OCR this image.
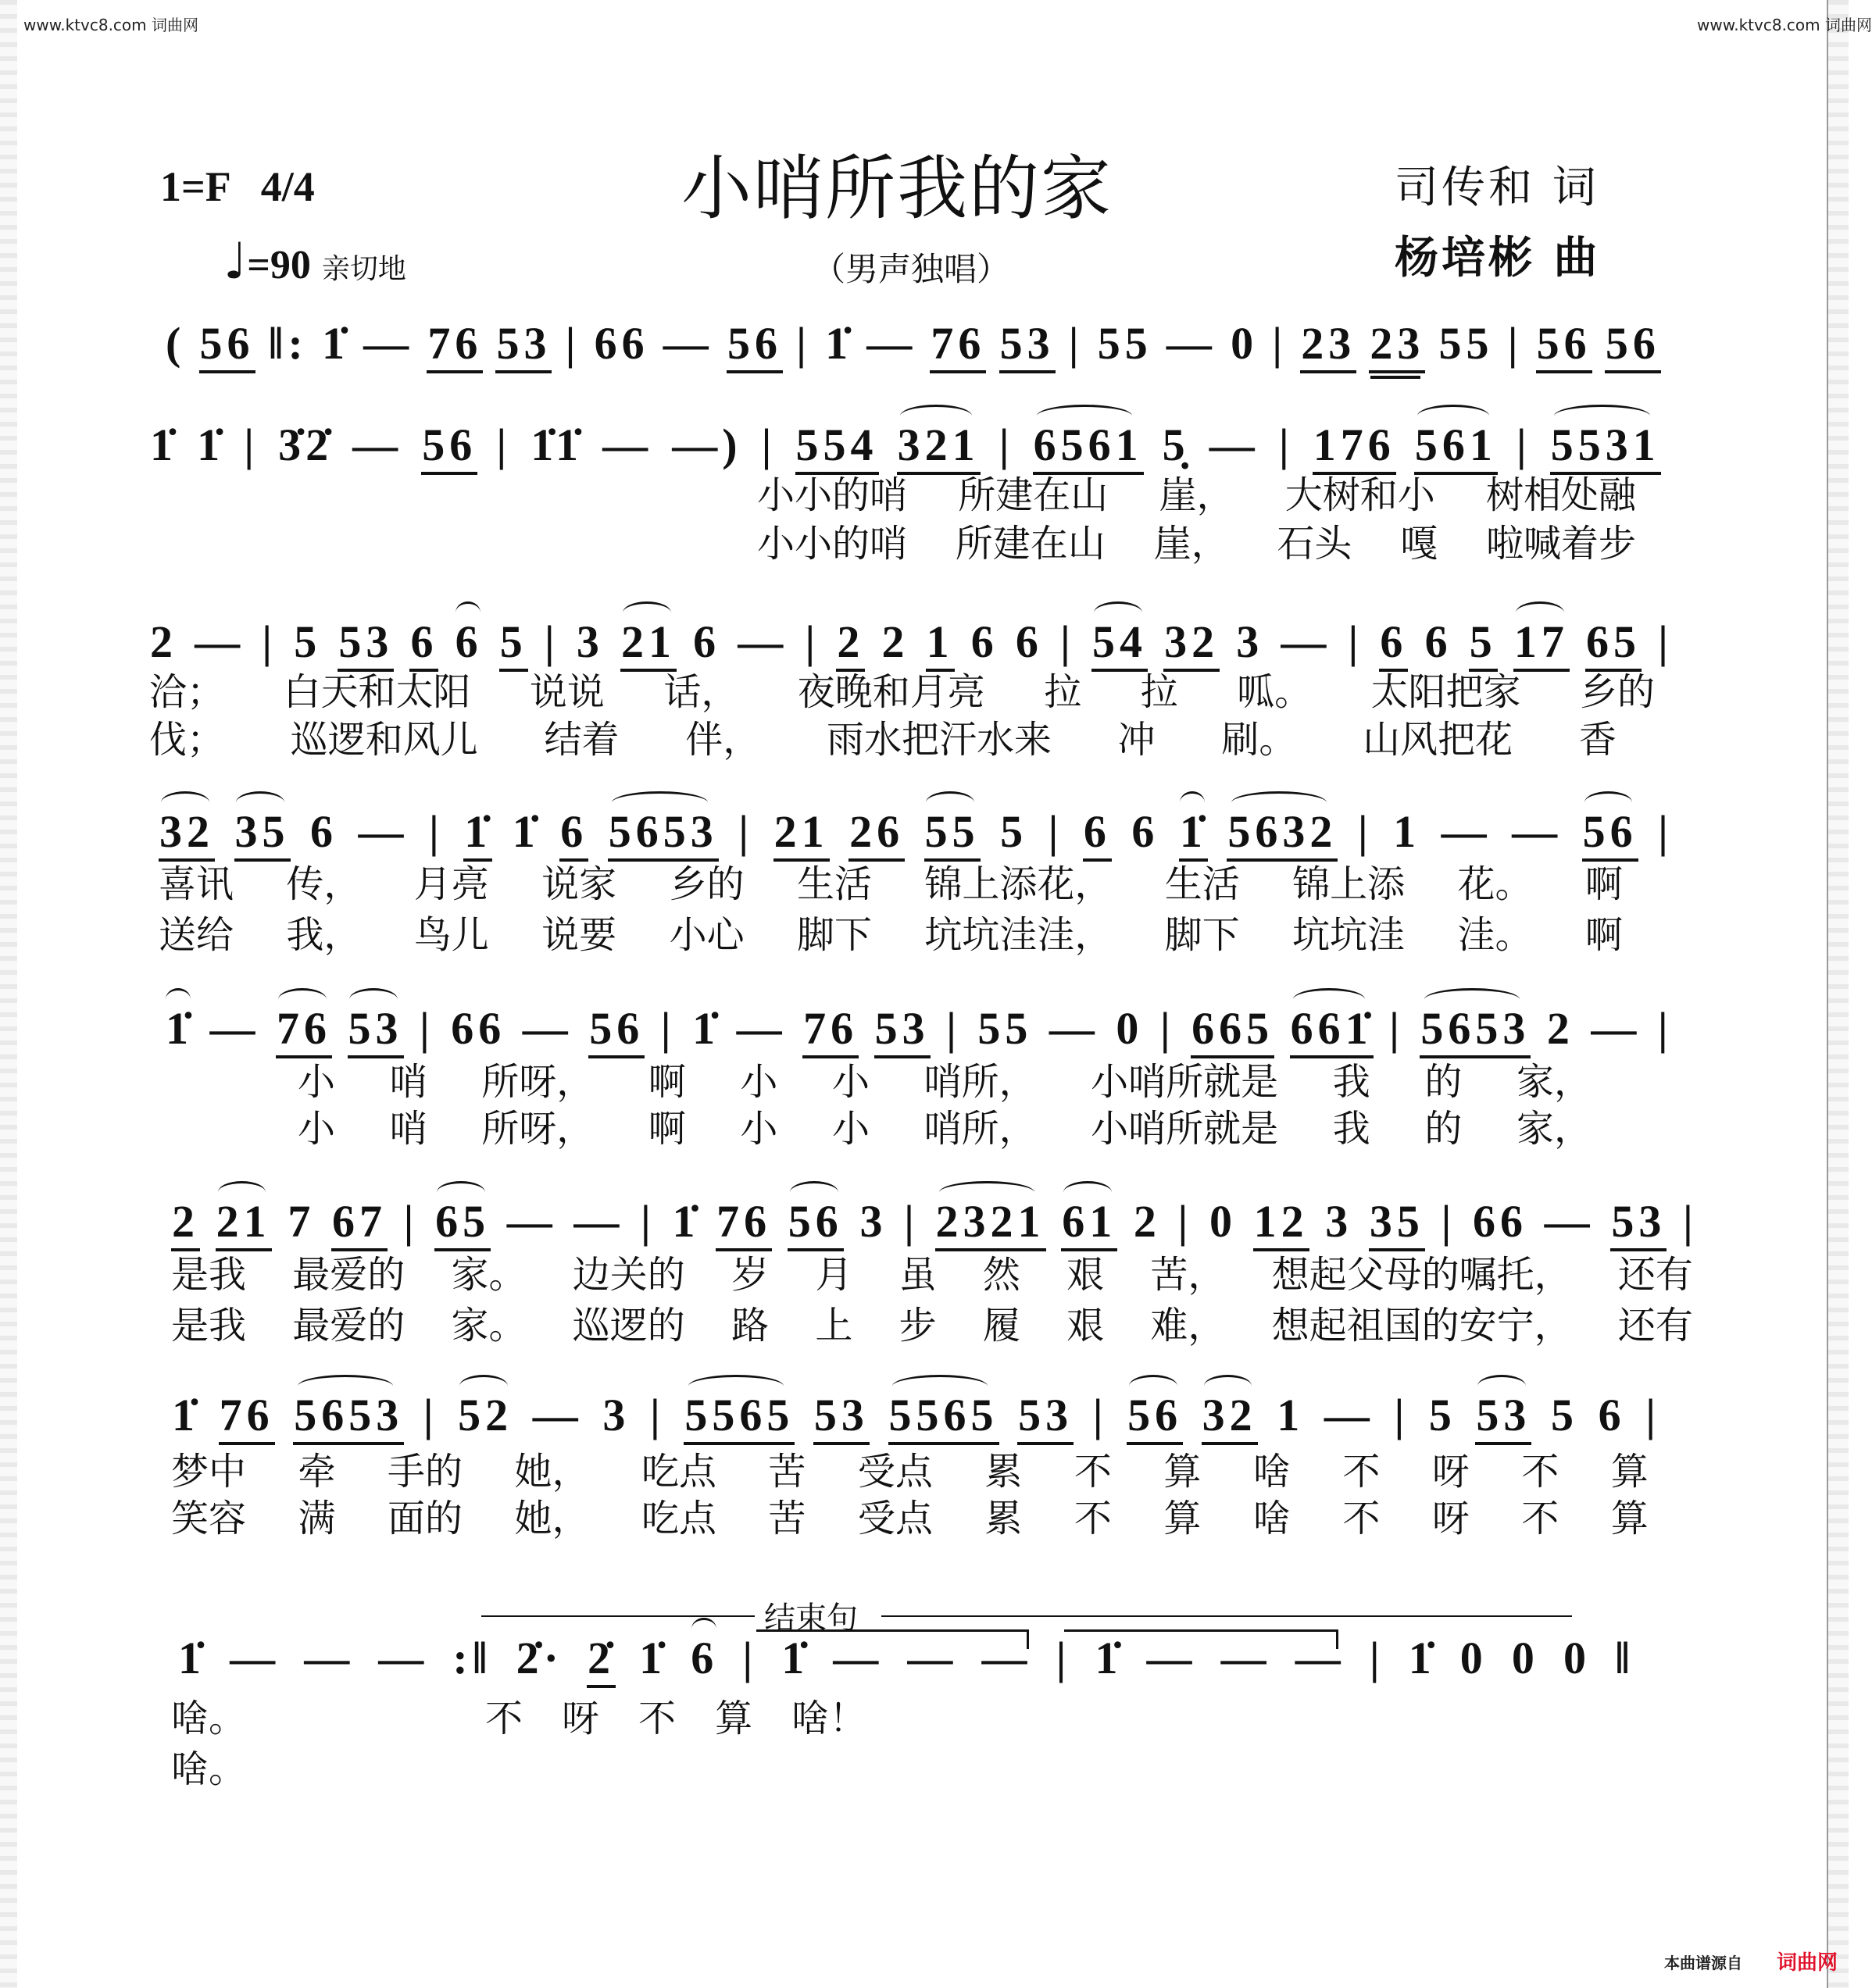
www.ktvc8.com 词曲网	www.ktvc8.com 词曲网
1=F 4/4	小哨所我的家	司传和 词
杨培彬 曲
♩=90 亲切地	（男声独唱）
( 56 ‖: 1̇ — 76 53 | 66 — 56 | 1̇ — 76 53 | 55 — 0 | 23 23 55 | 56 56
1̇ 1̇ | 3̇2̇ — 56 | 1̇1̇ — —) | 554 321 | 6561 5̣ — | 176 561 | 5531
2 — | 5 53 6 6 5 | 3 21 6 — | 2 2 1 6 6 | 54 32 3 — | 6 6 5 17 65 |
32 35 6 — | 1̇ 1̇ 6 5653 | 21 26 55 5 | 6 6 1̇ 5632 | 1 — — 56 |
1̇ — 76 53 | 66 — 56 | 1̇ — 76 53 | 55 — 0 | 665 661̇ | 5653 2 — |
2 21 7 67 | 65 — — | 1̇ 76 56 3 | 2321 61 2 | 0 12 3 35 | 66 — 53 |
1̇ 76 5653 | 52 — 3 | 5565 53 5565 53 | 56 32 1 — | 5 53 5 6 |
1̇ — — — :‖ 2̇· 2̇ 1̇ 6 | 1̇ — — — | 1̇ — — — | 1̇ 0 0 0 ‖
小小的哨 所建在山 崖， 大树和小 树相处融
小小的哨 所建在山 崖， 石头 嘎 啦喊着步
洽； 白天和太阳 说说 话， 夜晚和月亮 拉 拉 呱。 太阳把家 乡的
伐； 巡逻和风儿 结着 伴， 雨水把汗水来 冲 刷。 山风把花 香
喜讯 传， 月亮 说家 乡的 生活 锦上添花， 生活 锦上添 花。 啊
送给 我， 鸟儿 说要 小心 脚下 坑坑洼洼， 脚下 坑坑洼 洼。 啊
小 哨 所呀， 啊 小 小 哨所， 小哨所就是 我 的 家，
小 哨 所呀， 啊 小 小 哨所， 小哨所就是 我 的 家，
是我 最爱的 家。 边关的 岁 月 虽 然 艰 苦， 想起父母的嘱托， 还有
是我 最爱的 家。 巡逻的 路 上 步 履 艰 难， 想起祖国的安宁， 还有
梦中 牵 手的 她， 吃点 苦 受点 累 不 算 啥 不 呀 不 算
笑容 满 面的 她， 吃点 苦 受点 累 不 算 啥 不 呀 不 算
啥。	不 呀 不 算 啥！
啥。
结束句
本曲谱源自 词曲网
